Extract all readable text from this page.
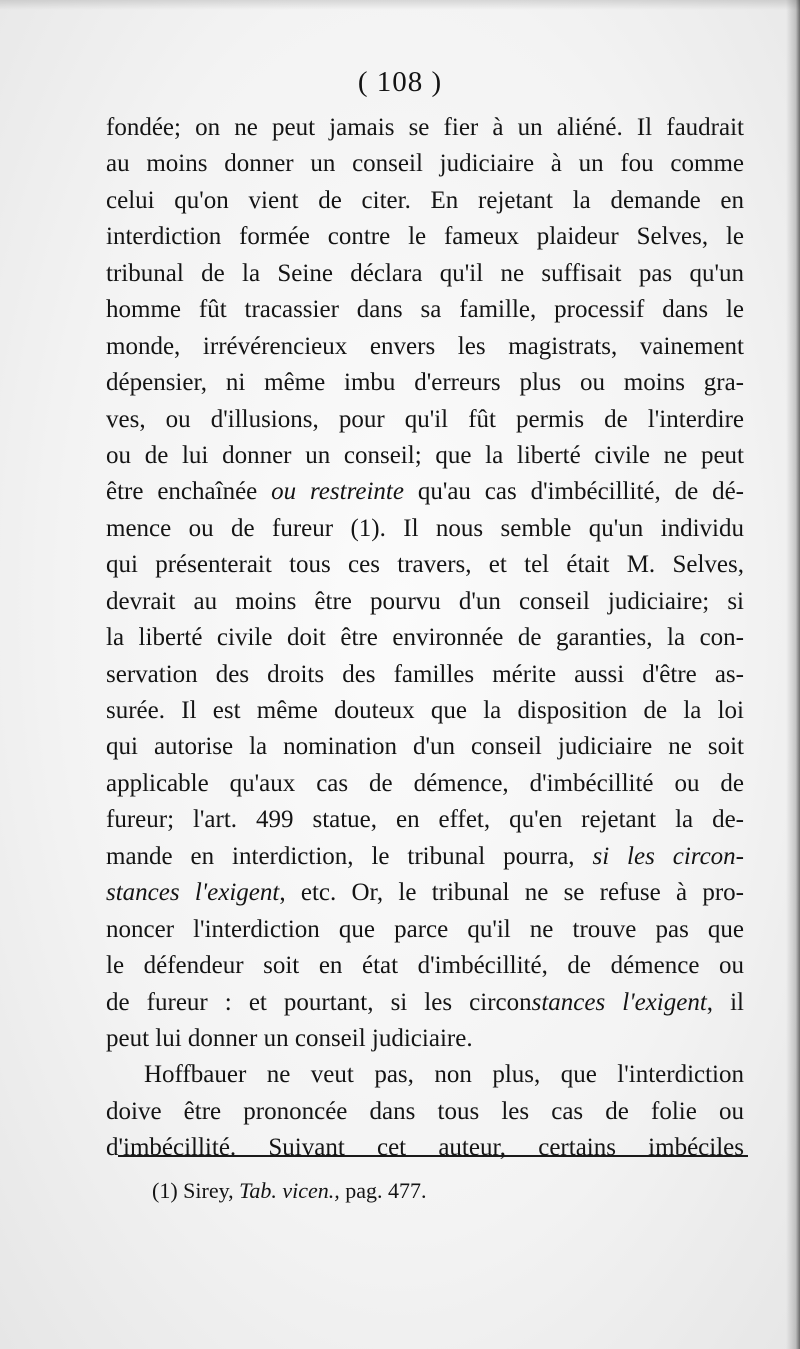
( 108 )
fondée; on ne peut jamais se fier à un aliéné. Il faudrait
au moins donner un conseil judiciaire à un fou comme
celui qu'on vient de citer. En rejetant la demande en
interdiction formée contre le fameux plaideur Selves, le
tribunal de la Seine déclara qu'il ne suffisait pas qu'un
homme fût tracassier dans sa famille, processif dans le
monde, irrévérencieux envers les magistrats, vainement
dépensier, ni même imbu d'erreurs plus ou moins gra-
ves, ou d'illusions, pour qu'il fût permis de l'interdire
ou de lui donner un conseil; que la liberté civile ne peut
être enchaînée ou restreinte qu'au cas d'imbécillité, de dé-
mence ou de fureur (1). Il nous semble qu'un individu
qui présenterait tous ces travers, et tel était M. Selves,
devrait au moins être pourvu d'un conseil judiciaire; si
la liberté civile doit être environnée de garanties, la con-
servation des droits des familles mérite aussi d'être as-
surée. Il est même douteux que la disposition de la loi
qui autorise la nomination d'un conseil judiciaire ne soit
applicable qu'aux cas de démence, d'imbécillité ou de
fureur; l'art. 499 statue, en effet, qu'en rejetant la de-
mande en interdiction, le tribunal pourra, si les circon-
stances l'exigent, etc. Or, le tribunal ne se refuse à pro-
noncer l'interdiction que parce qu'il ne trouve pas que
le défendeur soit en état d'imbécillité, de démence ou
de fureur : et pourtant, si les circonstances l'exigent, il
peut lui donner un conseil judiciaire.
Hoffbauer ne veut pas, non plus, que l'interdiction
doive être prononcée dans tous les cas de folie ou
d'imbécillité. Suivant cet auteur, certains imbéciles
(1) Sirey, Tab. vicen., pag. 477.
